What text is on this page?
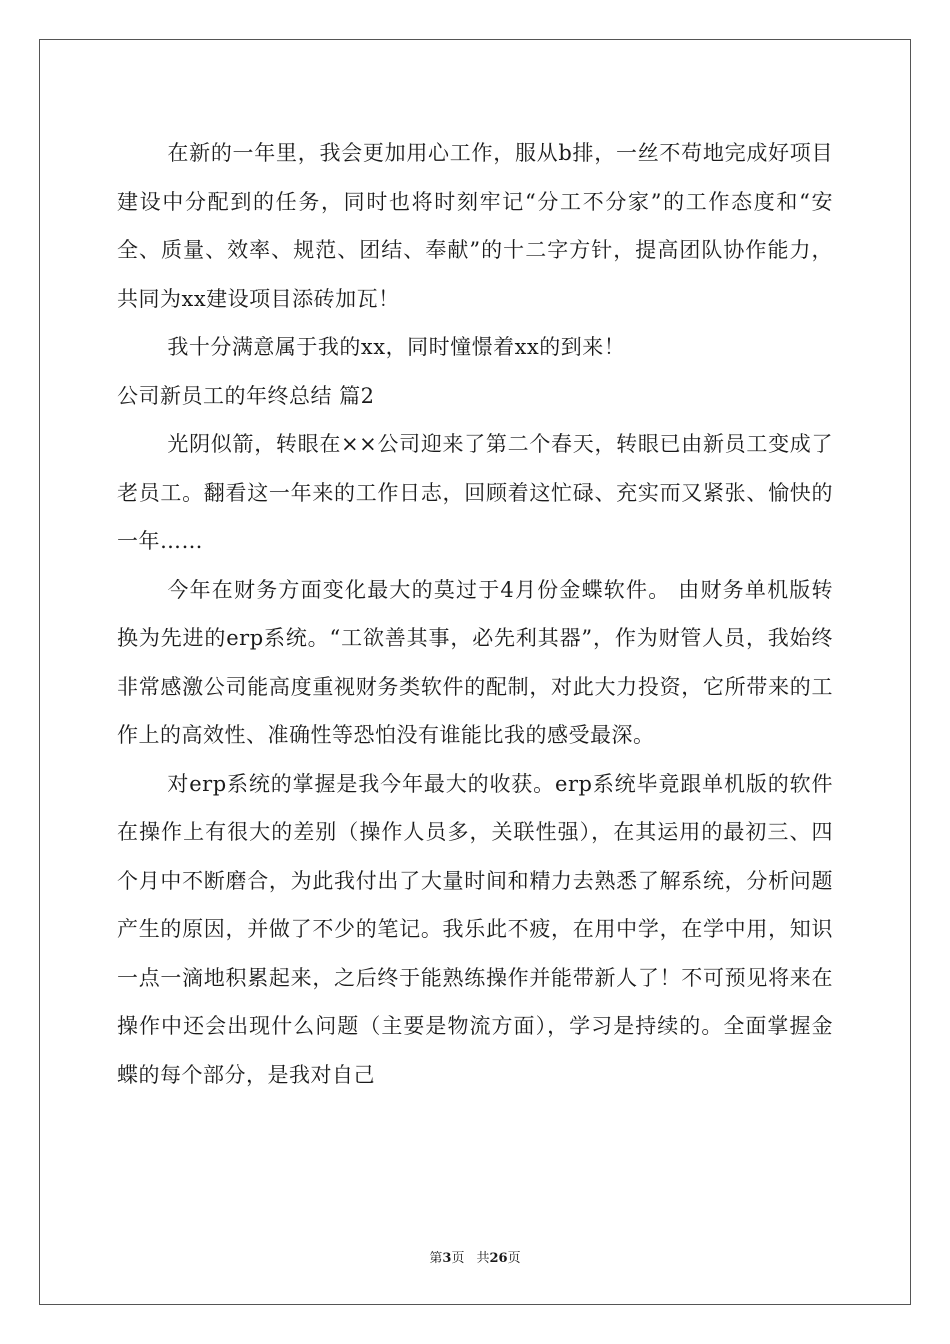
在新的一年里，我会更加用心工作，服从b排，一丝不苟地完成好项目建设中分配到的任务，同时也将时刻牢记“分工不分家”的工作态度和“安全、质量、效率、规范、团结、奉献”的十二字方针，提高团队协作能力，共同为xx建设项目添砖加瓦！

我十分满意属于我的xx，同时憧憬着xx的到来！

公司新员工的年终总结 篇2

光阴似箭，转眼在××公司迎来了第二个春天，转眼已由新员工变成了老员工。翻看这一年来的工作日志，回顾着这忙碌、充实而又紧张、愉快的一年……

今年在财务方面变化最大的莫过于4月份金蝶软件。 由财务单机版转换为先进的erp系统。“工欲善其事，必先利其器”，作为财管人员，我始终非常感激公司能高度重视财务类软件的配制，对此大力投资，它所带来的工作上的高效性、准确性等恐怕没有谁能比我的感受最深。

对erp系统的掌握是我今年最大的收获。erp系统毕竟跟单机版的软件在操作上有很大的差别（操作人员多，关联性强），在其运用的最初三、四个月中不断磨合，为此我付出了大量时间和精力去熟悉了解系统，分析问题产生的原因，并做了不少的笔记。我乐此不疲，在用中学，在学中用，知识一点一滴地积累起来，之后终于能熟练操作并能带新人了！不可预见将来在操作中还会出现什么问题（主要是物流方面），学习是持续的。全面掌握金蝶的每个部分，是我对自己

第3页 共26页
